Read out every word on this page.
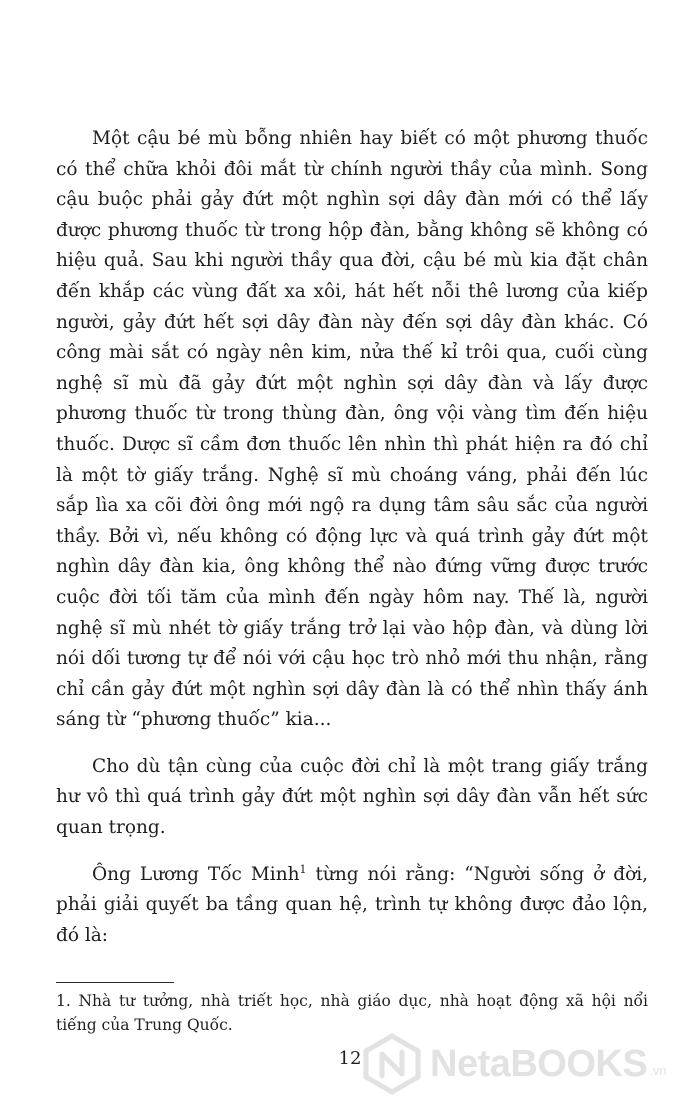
Một cậu bé mù bỗng nhiên hay biết có một phương thuốc có thể chữa khỏi đôi mắt từ chính người thầy của mình. Song cậu buộc phải gảy đứt một nghìn sợi dây đàn mới có thể lấy được phương thuốc từ trong hộp đàn, bằng không sẽ không có hiệu quả. Sau khi người thầy qua đời, cậu bé mù kia đặt chân đến khắp các vùng đất xa xôi, hát hết nỗi thê lương của kiếp người, gảy đứt hết sợi dây đàn này đến sợi dây đàn khác. Có công mài sắt có ngày nên kim, nửa thế kỉ trôi qua, cuối cùng nghệ sĩ mù đã gảy đứt một nghìn sợi dây đàn và lấy được phương thuốc từ trong thùng đàn, ông vội vàng tìm đến hiệu thuốc. Dược sĩ cầm đơn thuốc lên nhìn thì phát hiện ra đó chỉ là một tờ giấy trắng. Nghệ sĩ mù choáng váng, phải đến lúc sắp lìa xa cõi đời ông mới ngộ ra dụng tâm sâu sắc của người thầy. Bởi vì, nếu không có động lực và quá trình gảy đứt một nghìn dây đàn kia, ông không thể nào đứng vững được trước cuộc đời tối tăm của mình đến ngày hôm nay. Thế là, người nghệ sĩ mù nhét tờ giấy trắng trở lại vào hộp đàn, và dùng lời nói dối tương tự để nói với cậu học trò nhỏ mới thu nhận, rằng chỉ cần gảy đứt một nghìn sợi dây đàn là có thể nhìn thấy ánh sáng từ “phương thuốc” kia...

Cho dù tận cùng của cuộc đời chỉ là một trang giấy trắng hư vô thì quá trình gảy đứt một nghìn sợi dây đàn vẫn hết sức quan trọng.

Ông Lương Tốc Minh$^1$ từng nói rằng: “Người sống ở đời, phải giải quyết ba tầng quan hệ, trình tự không được đảo lộn, đó là:

1. Nhà tư tưởng, nhà triết học, nhà giáo dục, nhà hoạt động xã hội nổi tiếng của Trung Quốc.

12	NetaBOOKS .vn
